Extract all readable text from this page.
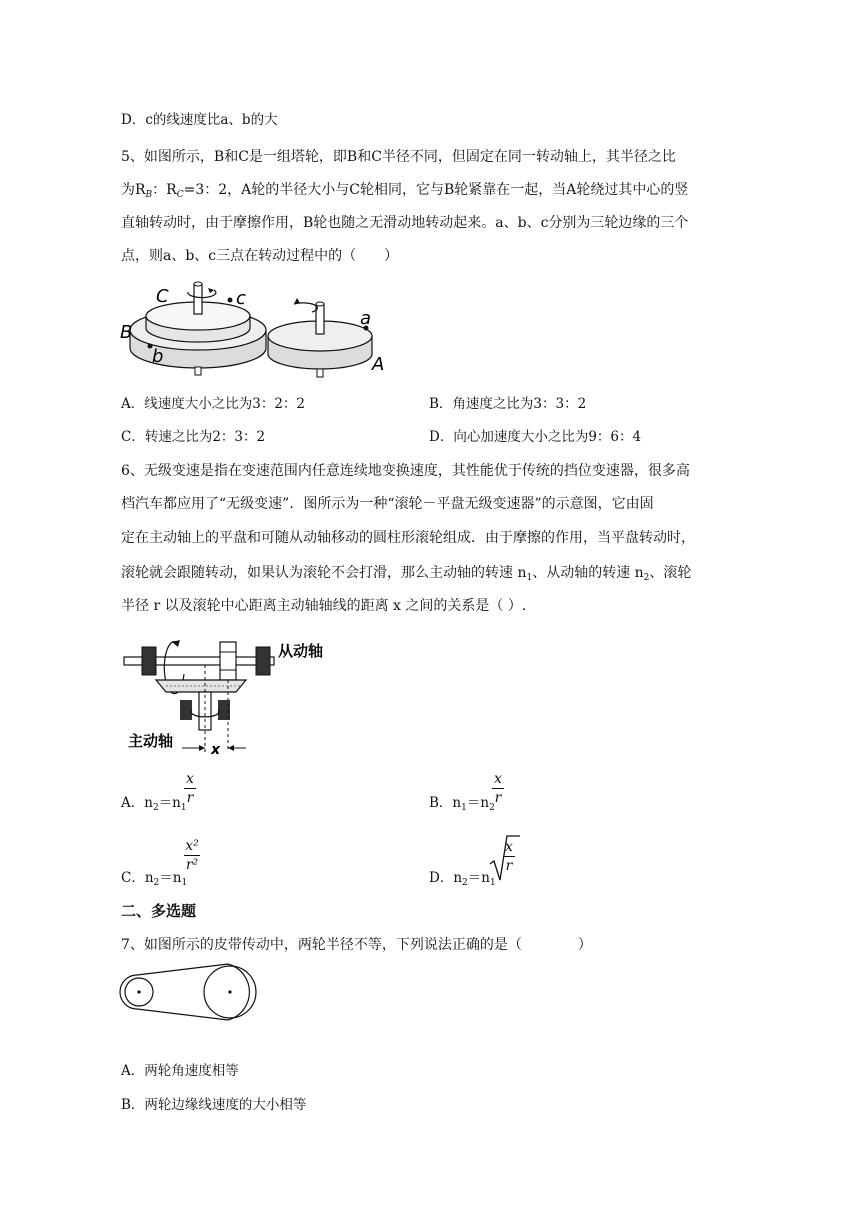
D．c的线速度比a、b的大
5、如图所示，B和C是一组塔轮，即B和C半径不同，但固定在同一转动轴上，其半径之比
为$R_B$：$R_C=3$：2，A轮的半径大小与C轮相同，它与B轮紧靠在一起，当A轮绕过其中心的竖
直轴转动时，由于摩擦作用，B轮也随之无滑动地转动起来。a、b、c分别为三轮边缘的三个
点，则a、b、c三点在转动过程中的（　　）
C	c
B
b
a
A
A．线速度大小之比为3：2：2	B．角速度之比为3：3：2
C．转速之比为2：3：2	D．向心加速度大小之比为9：6：4
6、无级变速是指在变速范围内任意连续地变换速度，其性能优于传统的挡位变速器，很多高
档汽车都应用了“无级变速”．图所示为一种“滚轮－平盘无级变速器”的示意图，它由固
定在主动轴上的平盘和可随从动轴移动的圆柱形滚轮组成．由于摩擦的作用，当平盘转动时，
滚轮就会跟随转动，如果认为滚轮不会打滑，那么主动轴的转速 $n_1$、从动轴的转速 $n_2$、滚轮
半径 r 以及滚轮中心距离主动轴轴线的距离 x 之间的关系是（ ）.
从动轴
主动轴	x
A．$n_2=n_1$
x
r	B．$n_1=n_2$
x
r
C．$n_2=n_1$
x²
r²
D．$n_2=n_1$
x
r
二、多选题
7、如图所示的皮带传动中，两轮半径不等，下列说法正确的是（　　　　）
A．两轮角速度相等
B．两轮边缘线速度的大小相等
